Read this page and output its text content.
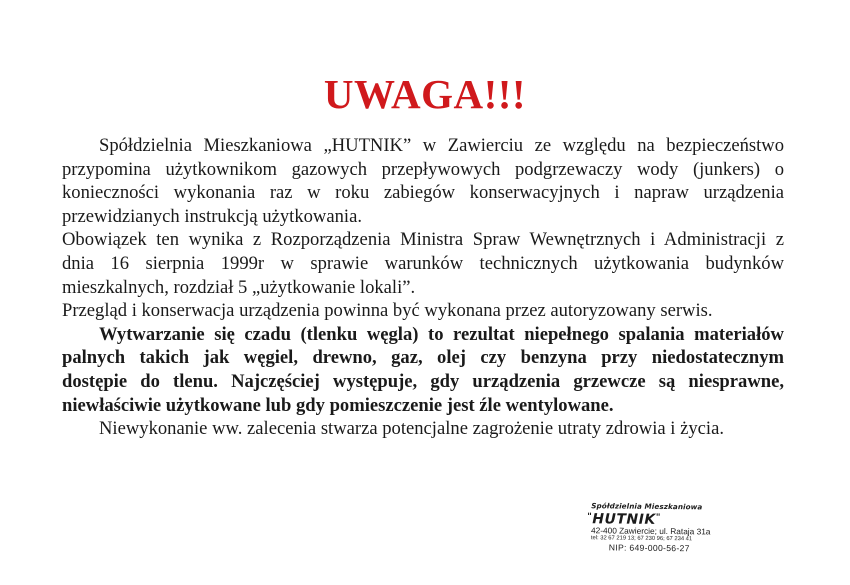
UWAGA!!!
Spółdzielnia Mieszkaniowa „HUTNIK” w Zawierciu ze względu na bezpieczeństwo
przypomina użytkownikom gazowych przepływowych podgrzewaczy wody (junkers) o
konieczności wykonania raz w roku zabiegów konserwacyjnych i napraw urządzenia
przewidzianych instrukcją użytkowania.
Obowiązek ten wynika z Rozporządzenia Ministra Spraw Wewnętrznych i Administracji z
dnia 16 sierpnia 1999r w sprawie warunków technicznych użytkowania budynków
mieszkalnych, rozdział 5 „użytkowanie lokali”.
Przegląd i konserwacja urządzenia powinna być wykonana przez autoryzowany serwis.
Wytwarzanie się czadu (tlenku węgla) to rezultat niepełnego spalania materiałów
palnych takich jak węgiel, drewno, gaz, olej czy benzyna przy niedostatecznym
dostępie do tlenu. Najczęściej występuje, gdy urządzenia grzewcze są niesprawne,
niewłaściwie użytkowane lub gdy pomieszczenie jest źle wentylowane.
Niewykonanie ww. zalecenia stwarza potencjalne zagrożenie utraty zdrowia i życia.
Spółdzielnia Mieszkaniowa
"HUTNIK"
42-400 Zawiercie; ul. Rataja 31a
tel: 32 67 219 13; 67 230 96; 67 234 41
NIP: 649-000-56-27
